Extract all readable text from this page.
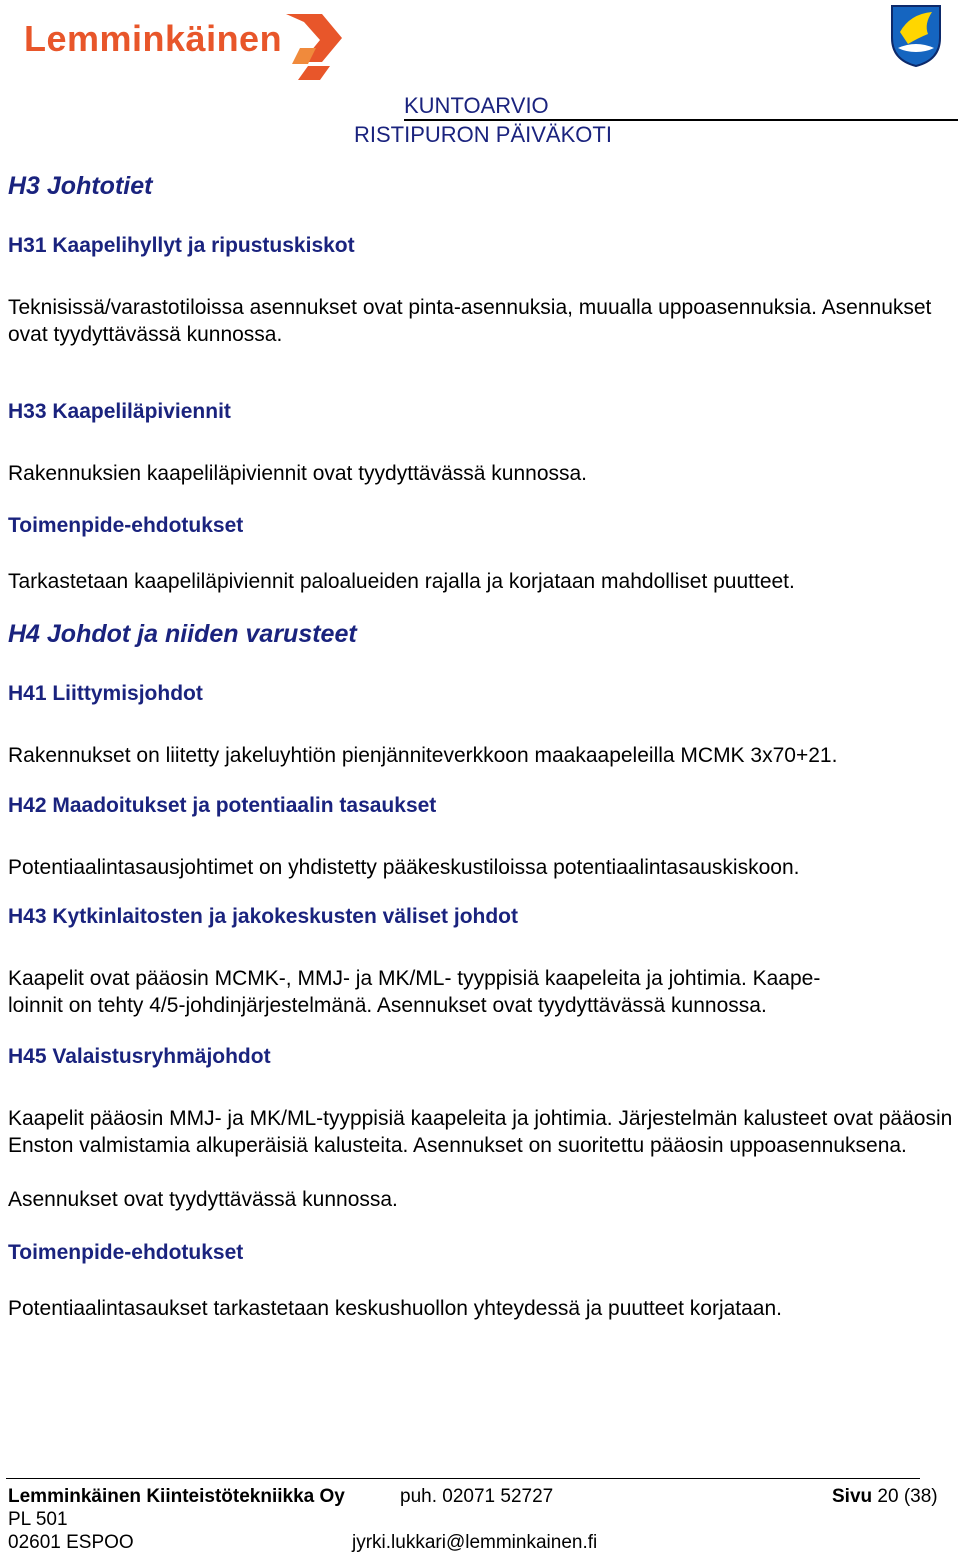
Lemminkäinen
KUNTOARVIO
RISTIPURON PÄIVÄKOTI
H3 Johtotiet
H31 Kaapelihyllyt ja ripustuskiskot
Teknisissä/varastotiloissa asennukset ovat pinta-asennuksia, muualla uppoasennuksia. Asennukset ovat tyydyttävässä kunnossa.
H33 Kaapeliläpiviennit
Rakennuksien kaapeliläpiviennit ovat tyydyttävässä kunnossa.
Toimenpide-ehdotukset
Tarkastetaan kaapeliläpiviennit paloalueiden rajalla ja korjataan mahdolliset puutteet.
H4 Johdot ja niiden varusteet
H41 Liittymisjohdot
Rakennukset on liitetty jakeluyhtiön pienjänniteverkkoon maakaapeleilla MCMK 3x70+21.
H42 Maadoitukset ja potentiaalin tasaukset
Potentiaalintasausjohtimet on yhdistetty pääkeskustiloissa potentiaalintasauskiskoon.
H43 Kytkinlaitosten ja jakokeskusten väliset johdot
Kaapelit ovat pääosin MCMK-, MMJ- ja MK/ML- tyyppisiä kaapeleita ja johtimia. Kaape-
loinnit on tehty 4/5-johdinjärjestelmänä. Asennukset ovat tyydyttävässä kunnossa.
H45 Valaistusryhmäjohdot
Kaapelit pääosin MMJ- ja MK/ML-tyyppisiä kaapeleita ja johtimia. Järjestelmän kalusteet ovat pääosin Enston valmistamia alkuperäisiä kalusteita. Asennukset on suoritettu pääosin uppoasennuksena.
Asennukset ovat tyydyttävässä kunnossa.
Toimenpide-ehdotukset
Potentiaalintasaukset tarkastetaan keskushuollon yhteydessä ja puutteet korjataan.
Lemminkäinen Kiinteistötekniikka Oy	puh. 02071 52727	Sivu 20 (38)
PL 501
02601 ESPOO	jyrki.lukkari@lemminkainen.fi
